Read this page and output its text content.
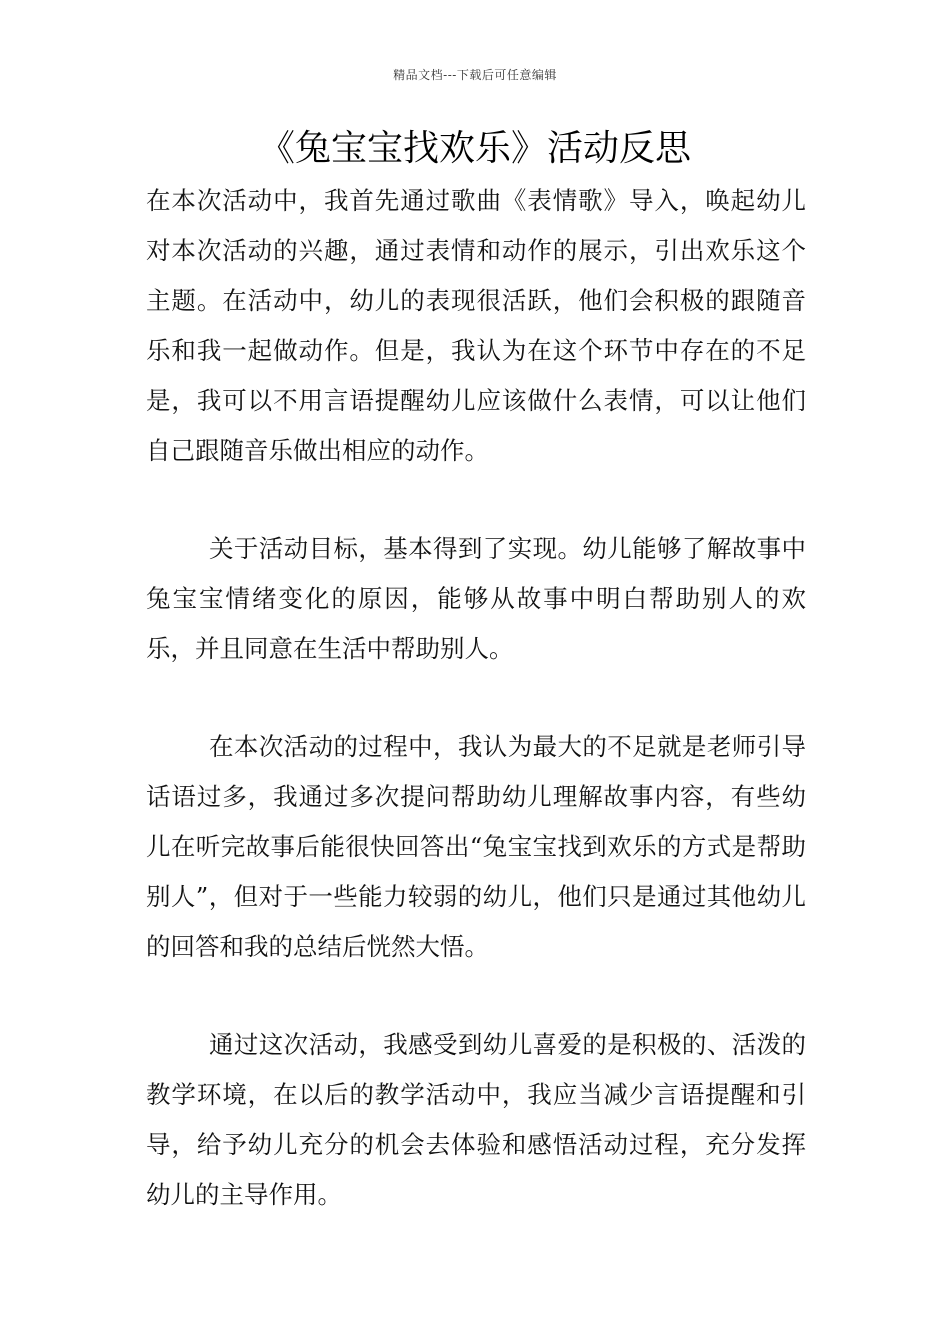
精品文档---下载后可任意编辑
《兔宝宝找欢乐》活动反思

在本次活动中，我首先通过歌曲《表情歌》导入，唤起幼儿对本次活动的兴趣，通过表情和动作的展示，引出欢乐这个主题。在活动中，幼儿的表现很活跃，他们会积极的跟随音乐和我一起做动作。但是，我认为在这个环节中存在的不足是，我可以不用言语提醒幼儿应该做什么表情，可以让他们自己跟随音乐做出相应的动作。

关于活动目标，基本得到了实现。幼儿能够了解故事中兔宝宝情绪变化的原因，能够从故事中明白帮助别人的欢乐，并且同意在生活中帮助别人。

在本次活动的过程中，我认为最大的不足就是老师引导话语过多，我通过多次提问帮助幼儿理解故事内容，有些幼儿在听完故事后能很快回答出“兔宝宝找到欢乐的方式是帮助别人”，但对于一些能力较弱的幼儿，他们只是通过其他幼儿的回答和我的总结后恍然大悟。

通过这次活动，我感受到幼儿喜爱的是积极的、活泼的教学环境，在以后的教学活动中，我应当减少言语提醒和引导，给予幼儿充分的机会去体验和感悟活动过程，充分发挥幼儿的主导作用。
